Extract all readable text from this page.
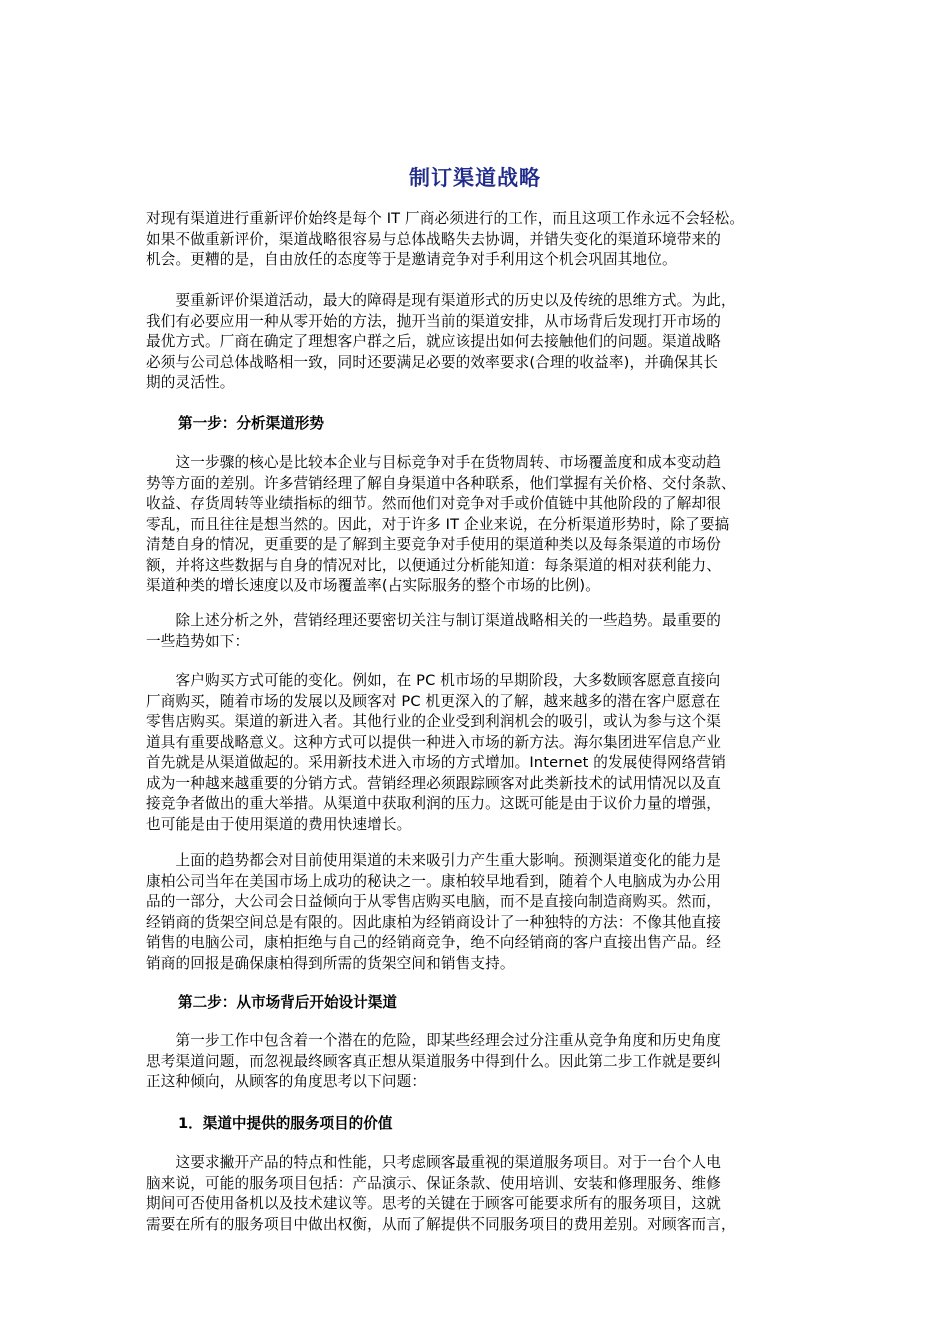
制订渠道战略
对现有渠道进行重新评价始终是每个 IT 厂商必须进行的工作，而且这项工作永远不会轻松。
如果不做重新评价，渠道战略很容易与总体战略失去协调，并错失变化的渠道环境带来的
机会。更糟的是，自由放任的态度等于是邀请竞争对手利用这个机会巩固其地位。
　　要重新评价渠道活动，最大的障碍是现有渠道形式的历史以及传统的思维方式。为此，
我们有必要应用一种从零开始的方法，抛开当前的渠道安排，从市场背后发现打开市场的
最优方式。厂商在确定了理想客户群之后，就应该提出如何去接触他们的问题。渠道战略
必须与公司总体战略相一致，同时还要满足必要的效率要求(合理的收益率)，并确保其长
期的灵活性。
第一步：分析渠道形势
　　这一步骤的核心是比较本企业与目标竞争对手在货物周转、市场覆盖度和成本变动趋
势等方面的差别。许多营销经理了解自身渠道中各种联系，他们掌握有关价格、交付条款、
收益、存货周转等业绩指标的细节。然而他们对竞争对手或价值链中其他阶段的了解却很
零乱，而且往往是想当然的。因此，对于许多 IT 企业来说，在分析渠道形势时，除了要搞
清楚自身的情况，更重要的是了解到主要竞争对手使用的渠道种类以及每条渠道的市场份
额，并将这些数据与自身的情况对比，以便通过分析能知道：每条渠道的相对获利能力、
渠道种类的增长速度以及市场覆盖率(占实际服务的整个市场的比例)。
　　除上述分析之外，营销经理还要密切关注与制订渠道战略相关的一些趋势。最重要的
一些趋势如下：
　　客户购买方式可能的变化。例如，在 PC 机市场的早期阶段，大多数顾客愿意直接向
厂商购买，随着市场的发展以及顾客对 PC 机更深入的了解，越来越多的潜在客户愿意在
零售店购买。渠道的新进入者。其他行业的企业受到利润机会的吸引，或认为参与这个渠
道具有重要战略意义。这种方式可以提供一种进入市场的新方法。海尔集团进军信息产业
首先就是从渠道做起的。采用新技术进入市场的方式增加。Internet 的发展使得网络营销
成为一种越来越重要的分销方式。营销经理必须跟踪顾客对此类新技术的试用情况以及直
接竞争者做出的重大举措。从渠道中获取利润的压力。这既可能是由于议价力量的增强，
也可能是由于使用渠道的费用快速增长。
　　上面的趋势都会对目前使用渠道的未来吸引力产生重大影响。预测渠道变化的能力是
康柏公司当年在美国市场上成功的秘诀之一。康柏较早地看到，随着个人电脑成为办公用
品的一部分，大公司会日益倾向于从零售店购买电脑，而不是直接向制造商购买。然而，
经销商的货架空间总是有限的。因此康柏为经销商设计了一种独特的方法：不像其他直接
销售的电脑公司，康柏拒绝与自己的经销商竞争，绝不向经销商的客户直接出售产品。经
销商的回报是确保康柏得到所需的货架空间和销售支持。
第二步：从市场背后开始设计渠道
　　第一步工作中包含着一个潜在的危险，即某些经理会过分注重从竞争角度和历史角度
思考渠道问题，而忽视最终顾客真正想从渠道服务中得到什么。因此第二步工作就是要纠
正这种倾向，从顾客的角度思考以下问题：
1．渠道中提供的服务项目的价值
　　这要求撇开产品的特点和性能，只考虑顾客最重视的渠道服务项目。对于一台个人电
脑来说，可能的服务项目包括：产品演示、保证条款、使用培训、安装和修理服务、维修
期间可否使用备机以及技术建议等。思考的关键在于顾客可能要求所有的服务项目，这就
需要在所有的服务项目中做出权衡，从而了解提供不同服务项目的费用差别。对顾客而言，
